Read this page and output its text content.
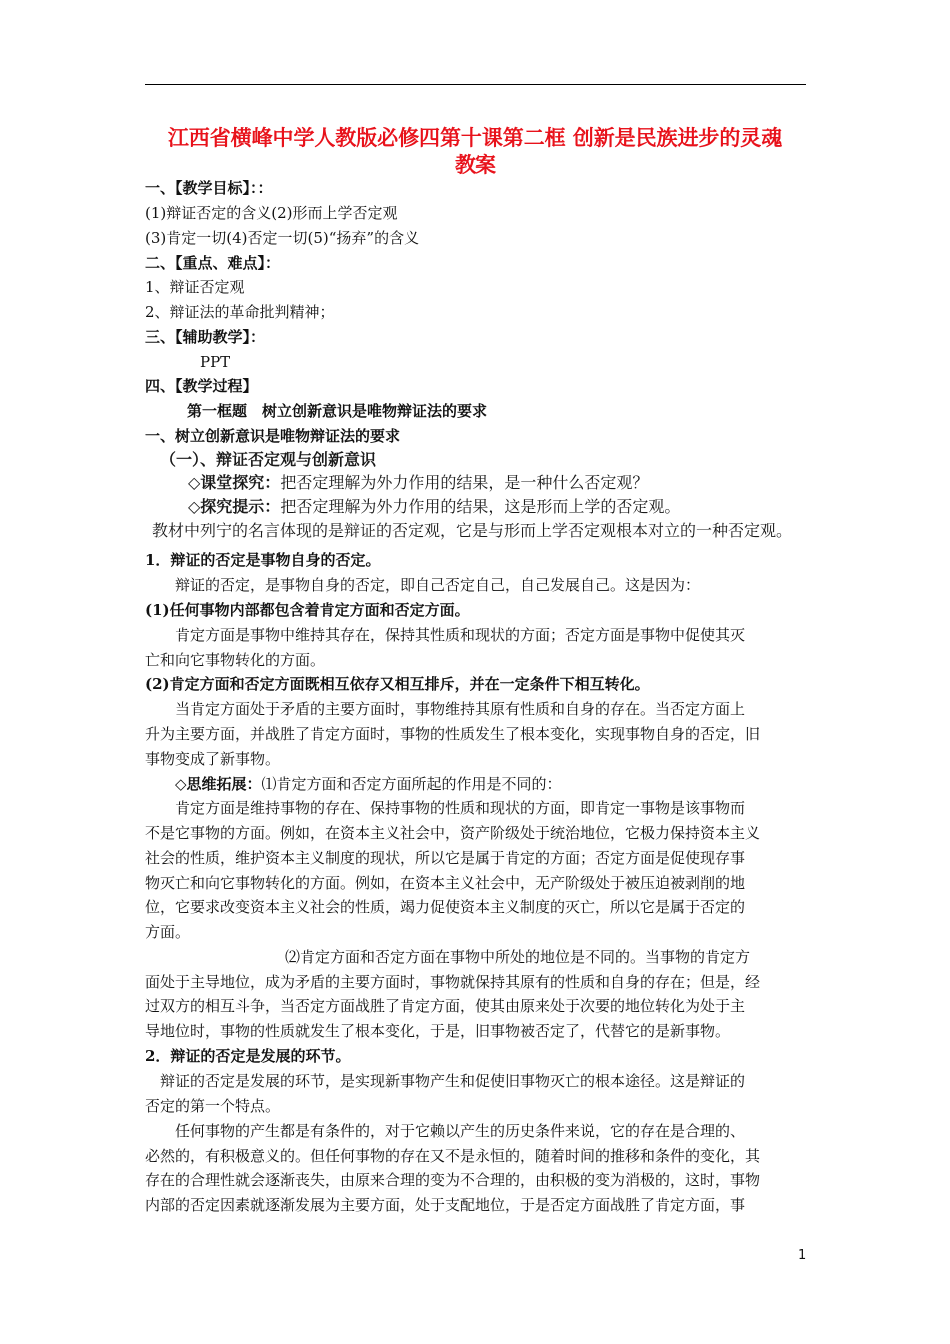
江西省横峰中学人教版必修四第十课第二框 创新是民族进步的灵魂
教案
一、【教学目标】：：
(1)辩证否定的含义(2)形而上学否定观
(3)肯定一切(4)否定一切(5)“扬弃”的含义
二、【重点、难点】：
1、辩证否定观
2、辩证法的革命批判精神；
三、【辅助教学】：
PPT
四、【教学过程】
第一框题　树立创新意识是唯物辩证法的要求
一、树立创新意识是唯物辩证法的要求
（一）、辩证否定观与创新意识
◇课堂探究：把否定理解为外力作用的结果，是一种什么否定观？
◇探究提示：把否定理解为外力作用的结果，这是形而上学的否定观。
教材中列宁的名言体现的是辩证的否定观，它是与形而上学否定观根本对立的一种否定观。
1．辩证的否定是事物自身的否定。
辩证的否定，是事物自身的否定，即自己否定自己，自己发展自己。这是因为：
(1)任何事物内部都包含着肯定方面和否定方面。
肯定方面是事物中维持其存在，保持其性质和现状的方面；否定方面是事物中促使其灭
亡和向它事物转化的方面。
(2)肯定方面和否定方面既相互依存又相互排斥，并在一定条件下相互转化。
当肯定方面处于矛盾的主要方面时，事物维持其原有性质和自身的存在。当否定方面上
升为主要方面，并战胜了肯定方面时，事物的性质发生了根本变化，实现事物自身的否定，旧
事物变成了新事物。
◇思维拓展：⑴肯定方面和否定方面所起的作用是不同的：
肯定方面是维持事物的存在、保持事物的性质和现状的方面，即肯定一事物是该事物而
不是它事物的方面。例如，在资本主义社会中，资产阶级处于统治地位，它极力保持资本主义
社会的性质，维护资本主义制度的现状，所以它是属于肯定的方面；否定方面是促使现存事
物灭亡和向它事物转化的方面。例如，在资本主义社会中，无产阶级处于被压迫被剥削的地
位，它要求改变资本主义社会的性质，竭力促使资本主义制度的灭亡，所以它是属于否定的
方面。
⑵肯定方面和否定方面在事物中所处的地位是不同的。当事物的肯定方
面处于主导地位，成为矛盾的主要方面时，事物就保持其原有的性质和自身的存在；但是，经
过双方的相互斗争，当否定方面战胜了肯定方面，使其由原来处于次要的地位转化为处于主
导地位时，事物的性质就发生了根本变化，于是，旧事物被否定了，代替它的是新事物。
2．辩证的否定是发展的环节。
辩证的否定是发展的环节，是实现新事物产生和促使旧事物灭亡的根本途径。这是辩证的
否定的第一个特点。
任何事物的产生都是有条件的，对于它赖以产生的历史条件来说，它的存在是合理的、
必然的，有积极意义的。但任何事物的存在又不是永恒的，随着时间的推移和条件的变化，其
存在的合理性就会逐渐丧失，由原来合理的变为不合理的，由积极的变为消极的，这时，事物
内部的否定因素就逐渐发展为主要方面，处于支配地位，于是否定方面战胜了肯定方面，事
1
